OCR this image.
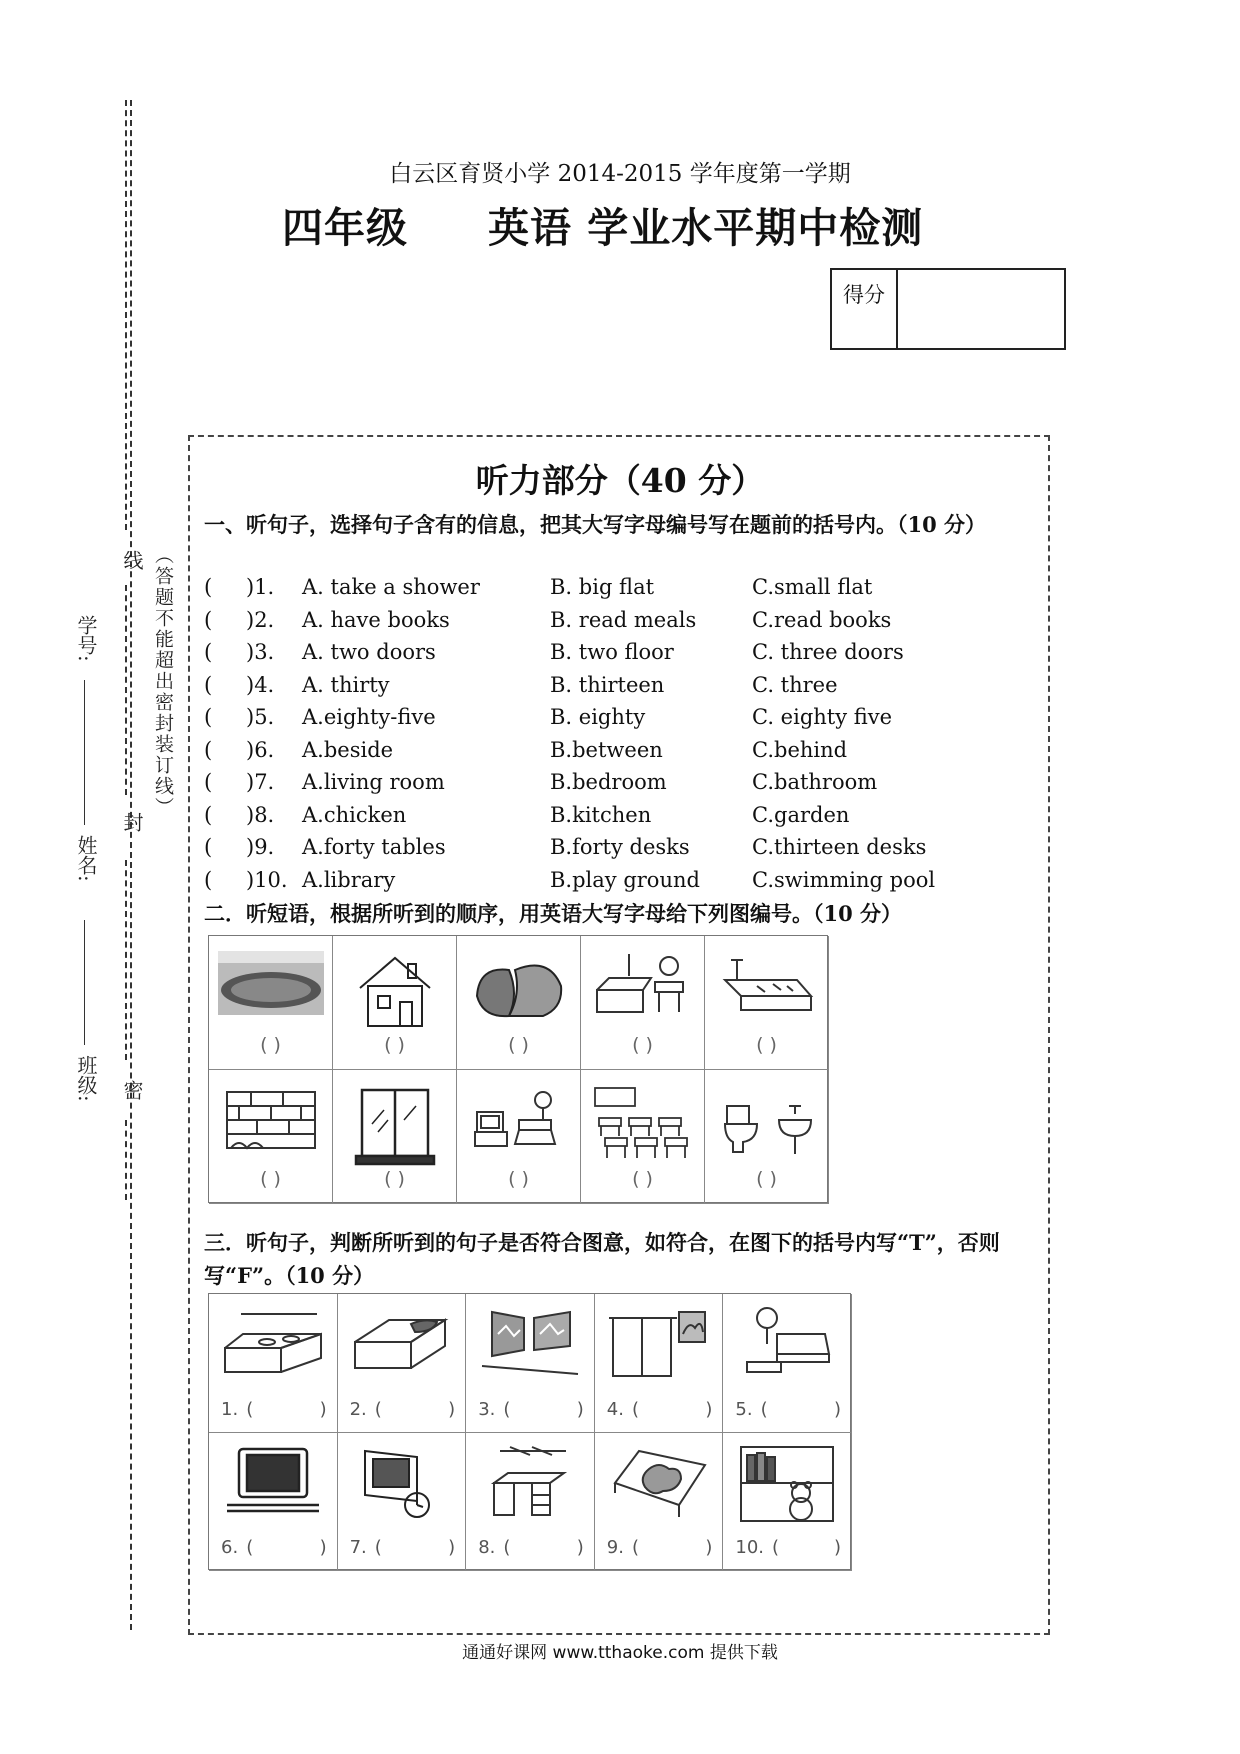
（答题不能超出密封装订线）
密
封
线
班级:
姓名:
学号:
白云区育贤小学 2014-2015 学年度第一学期
四年级 英语 学业水平期中检测
得分
听力部分（40 分）
一、听句子，选择句子含有的信息，把其大写字母编号写在题前的括号内。（10 分）
( )1. A. take a shower	B. big flat	C.small flat
( )2. A. have books	B. read meals	C.read books
( )3. A. two doors	B. two floor	C. three doors
( )4. A. thirty	B. thirteen	C. three
( )5. A.eighty-five	B. eighty	C. eighty five
( )6. A.beside	B.between	C.behind
( )7. A.living room	B.bedroom	C.bathroom
( )8. A.chicken	B.kitchen	C.garden
( )9. A.forty tables	B.forty desks	C.thirteen desks
( )10. A.library	B.play ground C.swimming pool
二．听短语，根据所听到的顺序，用英语大写字母给下列图编号。（10 分）
( )	( )	( )	( )	( )
( )	( )	( )	( )	( )
三．听句子，判断所听到的句子是否符合图意，如符合，在图下的括号内写“T”，否则写“F”。（10 分）
1. (	) 2. (	) 3. (	) 4. (	) 5. (	)
6. (	) 7. (	) 8. (	) 9. (	) 10. (	)
通通好课网 www.tthaoke.com 提供下载
